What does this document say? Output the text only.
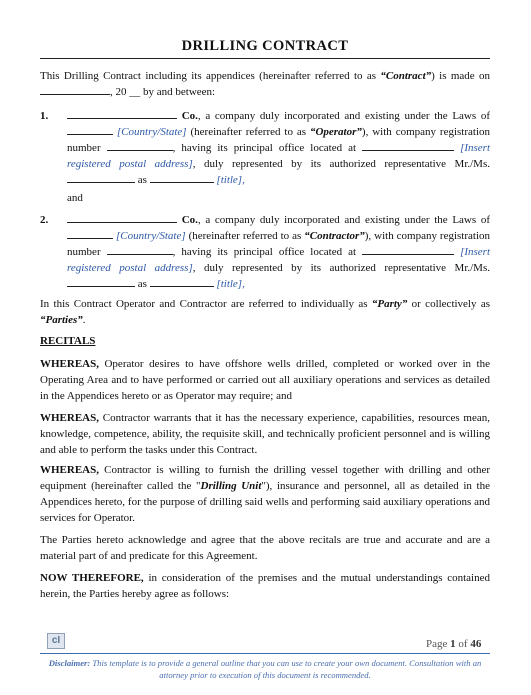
DRILLING CONTRACT
This Drilling Contract including its appendices (hereinafter referred to as “Contract”) is made on , 20 __ by and between:
1.	Co., a company duly incorporated and existing under the Laws of  [Country/State] (hereinafter referred to as “Operator”), with company registration number	, having its principal office located at	[Insert registered postal address], duly represented by its authorized representative Mr./Ms. as	[title],
and
2.	Co., a company duly incorporated and existing under the Laws of  [Country/State] (hereinafter referred to as “Contractor”), with company registration number	, having its principal office located at	[Insert registered postal address], duly represented by its authorized representative Mr./Ms. as	[title],
In this Contract Operator and Contractor are referred to individually as “Party” or collectively as “Parties”.
RECITALS
WHEREAS, Operator desires to have offshore wells drilled, completed or worked over in the Operating Area and to have performed or carried out all auxiliary operations and services as detailed in the Appendices hereto or as Operator may require; and
WHEREAS, Contractor warrants that it has the necessary experience, capabilities, resources mean, knowledge, competence, ability, the requisite skill, and technically proficient personnel and is willing and able to perform the tasks under this Contract.
WHEREAS, Contractor is willing to furnish the drilling vessel together with drilling and other equipment (hereinafter called the "Drilling Unit"), insurance and personnel, all as detailed in the Appendices hereto, for the purpose of drilling said wells and performing said auxiliary operations and services for Operator.
The Parties hereto acknowledge and agree that the above recitals are true and accurate and are a material part of and predicate for this Agreement.
NOW THEREFORE, in consideration of the premises and the mutual understandings contained herein, the Parties hereby agree as follows:
cI	Page 1 of 46
Disclaimer: This template is to provide a general outline that you can use to create your own document. Consultation with an attorney prior to execution of this document is recommended.
